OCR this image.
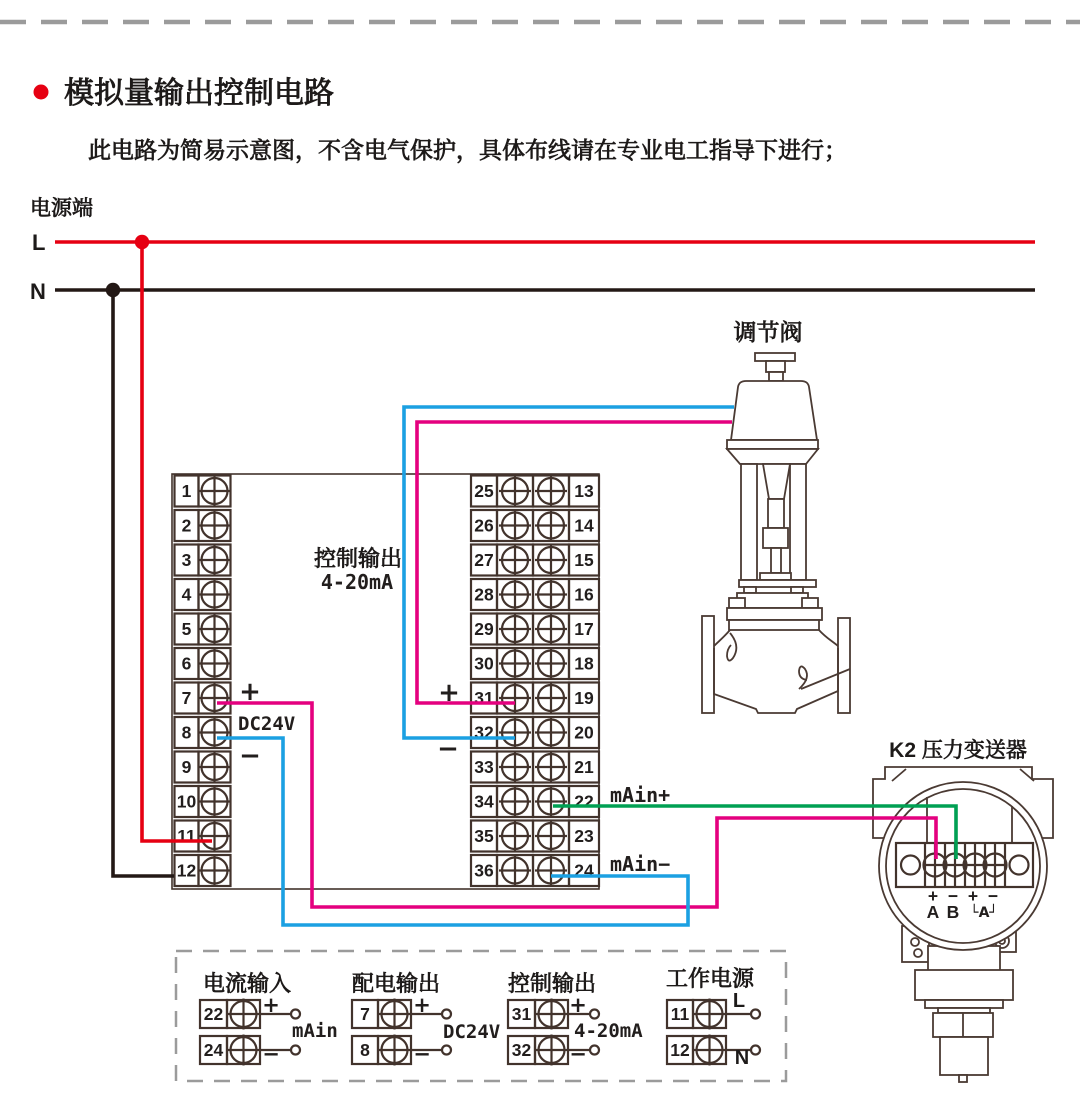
模拟量输出控制电路
此电路为简易示意图，不含电气保护，具体布线请在专业电工指导下进行；
电源端
L
N
调节阀
K2 压力变送器
+ − + −
A B └A┘
1
2
3
4
5
6
7
8
9
10
11
12
25
26
27
28
29
30
31
32
33
34
35
36
13
14
15
16
17
18
19
20
21
22
23
24
控制输出
4-20mA
+
DC24V
−
+
−
mAin+
mAin−
电流输入
22 +
24 −
mAin
配电输出
7 +
8 −
DC24V
控制输出
31 +
32 −
4-20mA
工作电源
11
L
12 N
